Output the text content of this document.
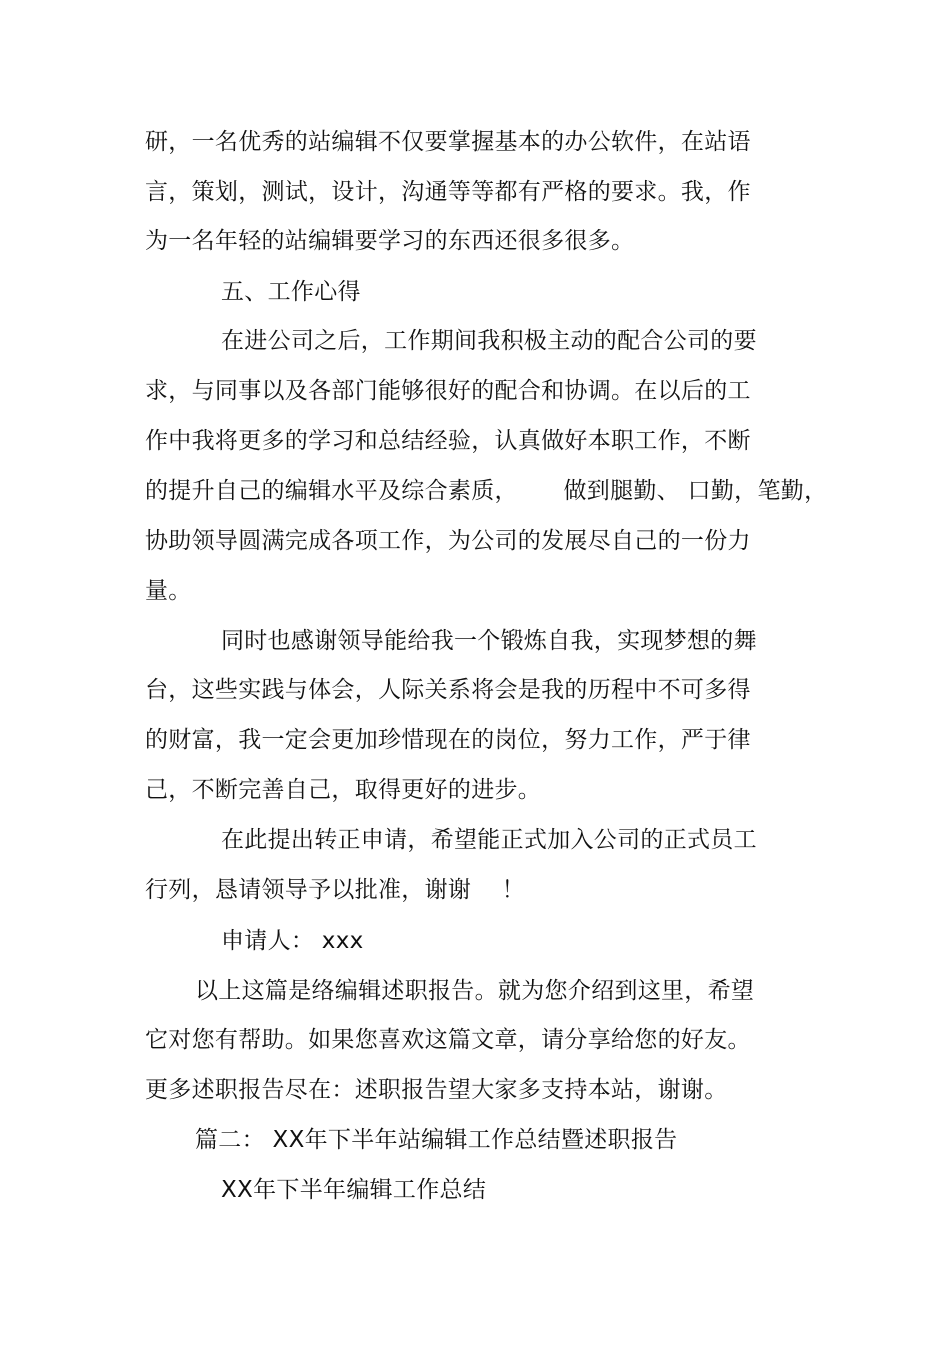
研，一名优秀的站编辑不仅要掌握基本的办公软件，在站语
言，策划，测试，设计，沟通等等都有严格的要求。我，作
为一名年轻的站编辑要学习的东西还很多很多。
五、工作心得
在进公司之后，工作期间我积极主动的配合公司的要
求，与同事以及各部门能够很好的配合和协调。在以后的工
作中我将更多的学习和总结经验，认真做好本职工作，不断
的提升自己的编辑水平及综合素质，      做到腿勤、 口勤，笔勤，
协助领导圆满完成各项工作，为公司的发展尽自己的一份力
量。
同时也感谢领导能给我一个锻炼自我，实现梦想的舞
台，这些实践与体会，人际关系将会是我的历程中不可多得
的财富，我一定会更加珍惜现在的岗位，努力工作，严于律
己，不断完善自己，取得更好的进步。
在此提出转正申请，希望能正式加入公司的正式员工
行列，恳请领导予以批准，谢谢    ！
申请人： xxx
以上这篇是络编辑述职报告。就为您介绍到这里，希望
它对您有帮助。如果您喜欢这篇文章，请分享给您的好友。
更多述职报告尽在：述职报告望大家多支持本站，谢谢。
篇二： XX年下半年站编辑工作总结暨述职报告
XX年下半年编辑工作总结
